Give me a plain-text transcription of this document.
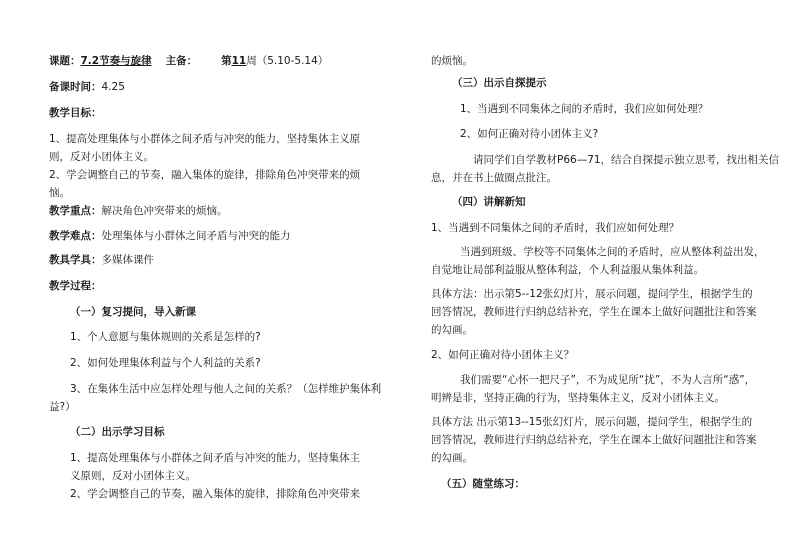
课题：7.2节奏与旋律 主备： 第11周（5.10-5.14）
备课时间：4.25
教学目标：
1、提高处理集体与小群体之间矛盾与冲突的能力，坚持集体主义原
则，反对小团体主义。
2、学会调整自己的节奏，融入集体的旋律，排除角色冲突带来的烦
恼。
教学重点：解决角色冲突带来的烦恼。
教学难点：处理集体与小群体之间矛盾与冲突的能力
教具学具：多媒体课件
教学过程：
（一）复习提问，导入新课
1、个人意愿与集体规则的关系是怎样的?
2、如何处理集体利益与个人利益的关系?
3、在集体生活中应怎样处理与他人之间的关系？（怎样维护集体利
益?）
（二）出示学习目标
1、提高处理集体与小群体之间矛盾与冲突的能力，坚持集体主
义原则，反对小团体主义。
2、学会调整自己的节奏，融入集体的旋律，排除角色冲突带来
的烦恼。
（三）出示自探提示
1、当遇到不同集体之间的矛盾时，我们应如何处理？
2、如何正确对待小团体主义?
请同学们自学教材P66—71，结合自探提示独立思考，找出相关信
息，并在书上做圈点批注。
（四）讲解新知
1、当遇到不同集体之间的矛盾时，我们应如何处理？
当遇到班级、学校等不同集体之间的矛盾时，应从整体利益出发，
自觉地让局部利益服从整体利益，个人利益服从集体利益。
具体方法：出示第5--12张幻灯片，展示问题，提问学生，根据学生的
回答情况，教师进行归纳总结补充，学生在课本上做好问题批注和答案
的勾画。
2、如何正确对待小团体主义？
我们需要“心怀一把尺子”，不为成见所“扰”，不为人言所“惑”，
明辨是非，坚持正确的行为，坚持集体主义，反对小团体主义。
具体方法 出示第13--15张幻灯片，展示问题，提问学生，根据学生的
回答情况，教师进行归纳总结补充，学生在课本上做好问题批注和答案
的勾画。
（五）随堂练习：
